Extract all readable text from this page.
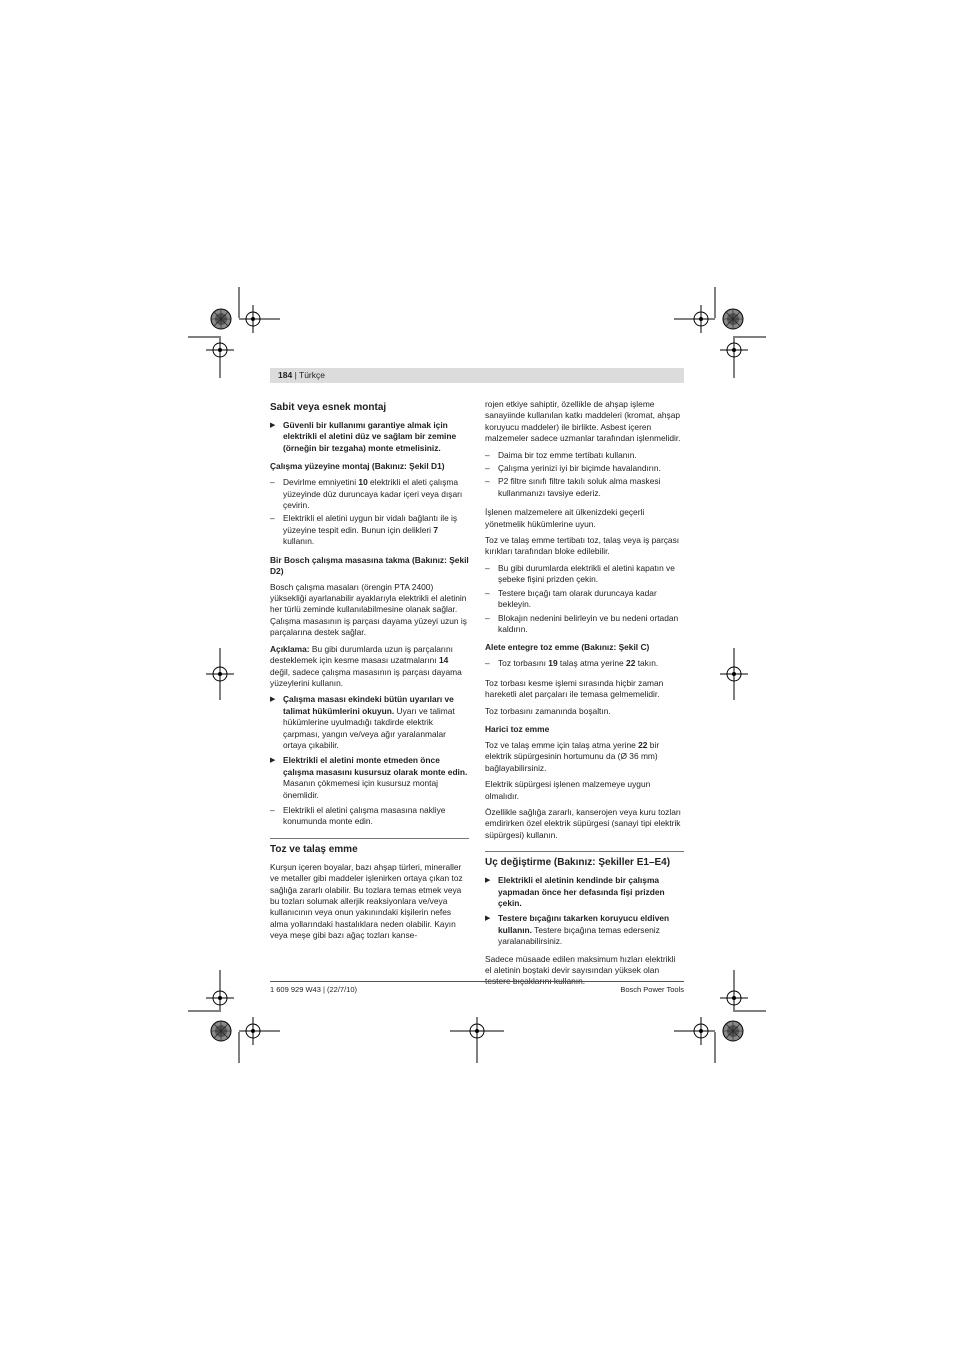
184 | Türkçe
Sabit veya esnek montaj
▶ Güvenli bir kullanımı garantiye almak için elektrikli el aletini düz ve sağlam bir zemine (örneğin bir tezgaha) monte etmelisiniz.
Çalışma yüzeyine montaj (Bakınız: Şekil D1)
– Devirlme emniyetini 10 elektrikli el aleti çalışma yüzeyinde düz duruncaya kadar içeri veya dışarı çevirin.
– Elektrikli el aletini uygun bir vidalı bağlantı ile iş yüzeyine tespit edin. Bunun için delikleri 7 kullanın.
Bir Bosch çalışma masasına takma (Bakınız: Şekil D2)

Bosch çalışma masaları (örengin PTA 2400) yüksekliği ayarlanabilir ayaklarıyla elektrikli el aletinin her türlü zeminde kullanılabilmesine olanak sağlar. Çalışma masasının iş parçası dayama yüzeyi uzun iş parçalarına destek sağlar.

Açıklama: Bu gibi durumlarda uzun iş parçalarını desteklemek için kesme masası uzatmalarını 14 değil, sadece çalışma masasının iş parçası dayama yüzeylerini kullanın.

▶ Çalışma masası ekindeki bütün uyarıları ve talimat hükümlerini okuyun. Uyarı ve talimat hükümlerine uyulmadığı takdirde elektrik çarpması, yangın ve/veya ağır yaralanmalar ortaya çıkabilir.
▶ Elektrikli el aletini monte etmeden önce çalışma masasını kusursuz olarak monte edin. Masanın çökmemesi için kusursuz montaj önemlidir.
– Elektrikli el aletini çalışma masasına nakliye konumunda monte edin.
Toz ve talaş emme

Kurşun içeren boyalar, bazı ahşap türleri, mineraller ve metaller gibi maddeler işlenirken ortaya çıkan toz sağlığa zararlı olabilir. Bu tozlara temas etmek veya bu tozları solumak allerjik reaksiyonlara ve/veya kullanıcının veya onun yakınındaki kişilerin nefes alma yollarındaki hastalıklara neden olabilir. Kayın veya meşe gibi bazı ağaç tozları kanse-

rojen etkiye sahiptir, özellikle de ahşap işleme sanayiinde kullanılan katkı maddeleri (kromat, ahşap koruyucu maddeler) ile birlikte. Asbest içeren malzemeler sadece uzmanlar tarafından işlenmelidir.

– Daima bir toz emme tertibatı kullanın.
– Çalışma yerinizi iyi bir biçimde havalandırın.
– P2 filtre sınıfı filtre takılı soluk alma maskesi kullanmanızı tavsiye ederiz.

İşlenen malzemelere ait ülkenizdeki geçerli yönetmelik hükümlerine uyun.

Toz ve talaş emme tertibatı toz, talaş veya iş parçası kırıkları tarafından bloke edilebilir.

– Bu gibi durumlarda elektrikli el aletini kapatın ve şebeke fişini prizden çekin.
– Testere bıçağı tam olarak duruncaya kadar bekleyin.
– Blokajın nedenini belirleyin ve bu nedeni ortadan kaldırın.
Alete entegre toz emme (Bakınız: Şekil C)
– Toz torbasını 19 talaş atma yerine 22 takın.

Toz torbası kesme işlemi sırasında hiçbir zaman hareketli alet parçaları ile temasa gelmemelidir.

Toz torbasını zamanında boşaltın.

Harici toz emme

Toz ve talaş emme için talaş atma yerine 22 bir elektrik süpürgesinin hortumunu da (Ø 36 mm) bağlayabilirsiniz.

Elektrik süpürgesi işlenen malzemeye uygun olmalıdır.

Özellikle sağlığa zararlı, kanserojen veya kuru tozları emdirirken özel elektrik süpürgesi (sanayi tipi elektrik süpürgesi) kullanın.

Uç değiştirme (Bakınız: Şekiller E1–E4)
▶ Elektrikli el aletinin kendinde bir çalışma yapmadan önce her defasında fişi prizden çekin.
▶ Testere bıçağını takarken koruyucu eldiven kullanın. Testere bıçağına temas ederseniz yaralanabilirsiniz.

Sadece müsaade edilen maksimum hızları elektrikli el aletinin boştaki devir sayısından yüksek olan testere bıçaklarını kullanın.

1 609 929 W43 | (22/7/10)	Bosch Power Tools
